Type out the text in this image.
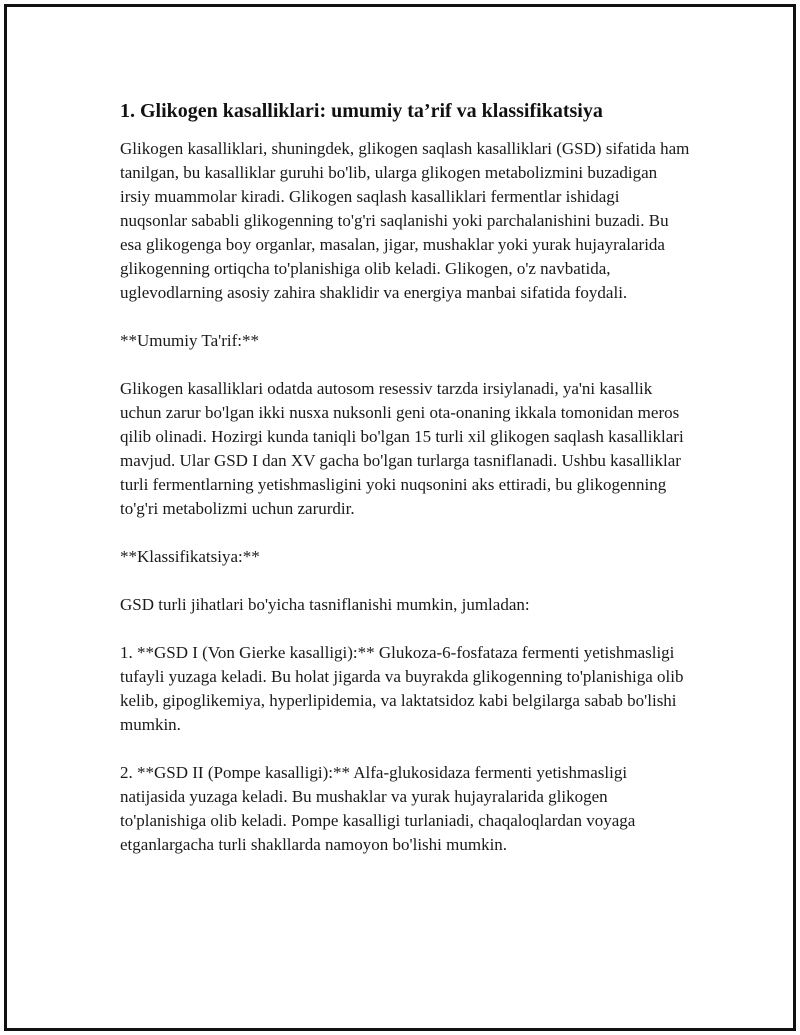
1. Glikogen kasalliklari: umumiy ta’rif va klassifikatsiya

Glikogen kasalliklari, shuningdek, glikogen saqlash kasalliklari (GSD) sifatida ham tanilgan, bu kasalliklar guruhi bo'lib, ularga glikogen metabolizmini buzadigan irsiy muammolar kiradi. Glikogen saqlash kasalliklari fermentlar ishidagi nuqsonlar sababli glikogenning to'g'ri saqlanishi yoki parchalanishini buzadi. Bu esa glikogenga boy organlar, masalan, jigar, mushaklar yoki yurak hujayralarida glikogenning ortiqcha to'planishiga olib keladi. Glikogen, o'z navbatida, uglevodlarning asosiy zahira shaklidir va energiya manbai sifatida foydali.

**Umumiy Ta'rif:**

Glikogen kasalliklari odatda autosom resessiv tarzda irsiylanadi, ya'ni kasallik uchun zarur bo'lgan ikki nusxa nuksonli geni ota-onaning ikkala tomonidan meros qilib olinadi. Hozirgi kunda taniqli bo'lgan 15 turli xil glikogen saqlash kasalliklari mavjud. Ular GSD I dan XV gacha bo'lgan turlarga tasniflanadi. Ushbu kasalliklar turli fermentlarning yetishmasligini yoki nuqsonini aks ettiradi, bu glikogenning to'g'ri metabolizmi uchun zarurdir.

**Klassifikatsiya:**

GSD turli jihatlari bo'yicha tasniflanishi mumkin, jumladan:

1. **GSD I (Von Gierke kasalligi):** Glukoza-6-fosfataza fermenti yetishmasligi tufayli yuzaga keladi. Bu holat jigarda va buyrakda glikogenning to'planishiga olib kelib, gipoglikemiya, hyperlipidemia, va laktatsidoz kabi belgilarga sabab bo'lishi mumkin.

2. **GSD II (Pompe kasalligi):** Alfa-glukosidaza fermenti yetishmasligi natijasida yuzaga keladi. Bu mushaklar va yurak hujayralarida glikogen to'planishiga olib keladi. Pompe kasalligi turlaniadi, chaqaloqlardan voyaga etganlargacha turli shakllarda namoyon bo'lishi mumkin.
